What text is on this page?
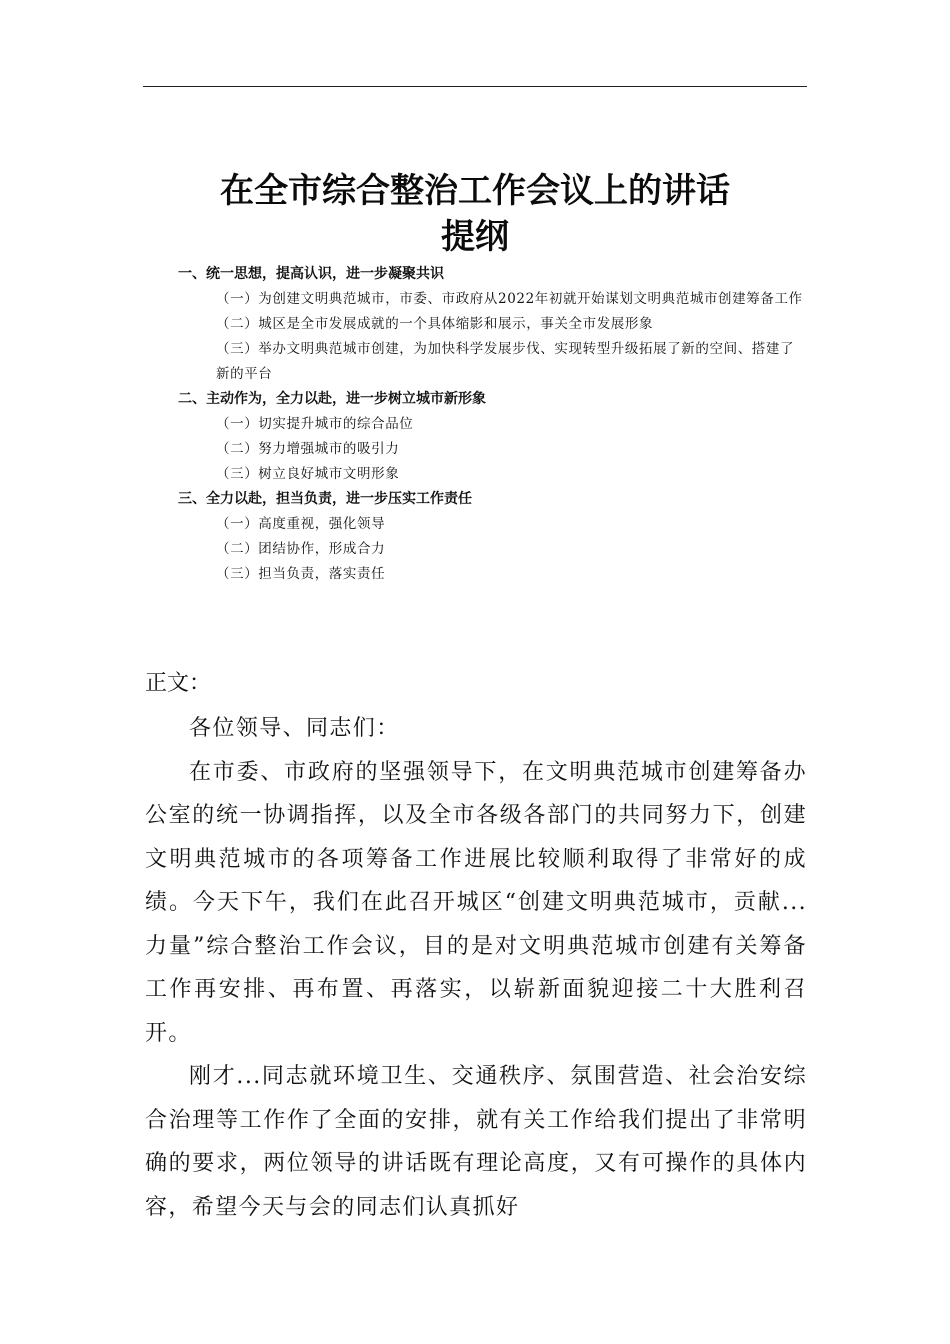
在全市综合整治工作会议上的讲话
提纲
一、统一思想，提高认识，进一步凝聚共识
（一）为创建文明典范城市，市委、市政府从2022年初就开始谋划文明典范城市创建筹备工作
（二）城区是全市发展成就的一个具体缩影和展示，事关全市发展形象
（三）举办文明典范城市创建，为加快科学发展步伐、实现转型升级拓展了新的空间、搭建了新的平台
二、主动作为，全力以赴，进一步树立城市新形象
（一）切实提升城市的综合品位
（二）努力增强城市的吸引力
（三）树立良好城市文明形象
三、全力以赴，担当负责，进一步压实工作责任
（一）高度重视，强化领导
（二）团结协作，形成合力
（三）担当负责，落实责任
正文：

各位领导、同志们：

在市委、市政府的坚强领导下，在文明典范城市创建筹备办公室的统一协调指挥，以及全市各级各部门的共同努力下，创建文明典范城市的各项筹备工作进展比较顺利取得了非常好的成绩。今天下午，我们在此召开城区“创建文明典范城市，贡献...力量”综合整治工作会议，目的是对文明典范城市创建有关筹备工作再安排、再布置、再落实，以崭新面貌迎接二十大胜利召开。

刚才...同志就环境卫生、交通秩序、氛围营造、社会治安综合治理等工作作了全面的安排，就有关工作给我们提出了非常明确的要求，两位领导的讲话既有理论高度，又有可操作的具体内容，希望今天与会的同志们认真抓好
